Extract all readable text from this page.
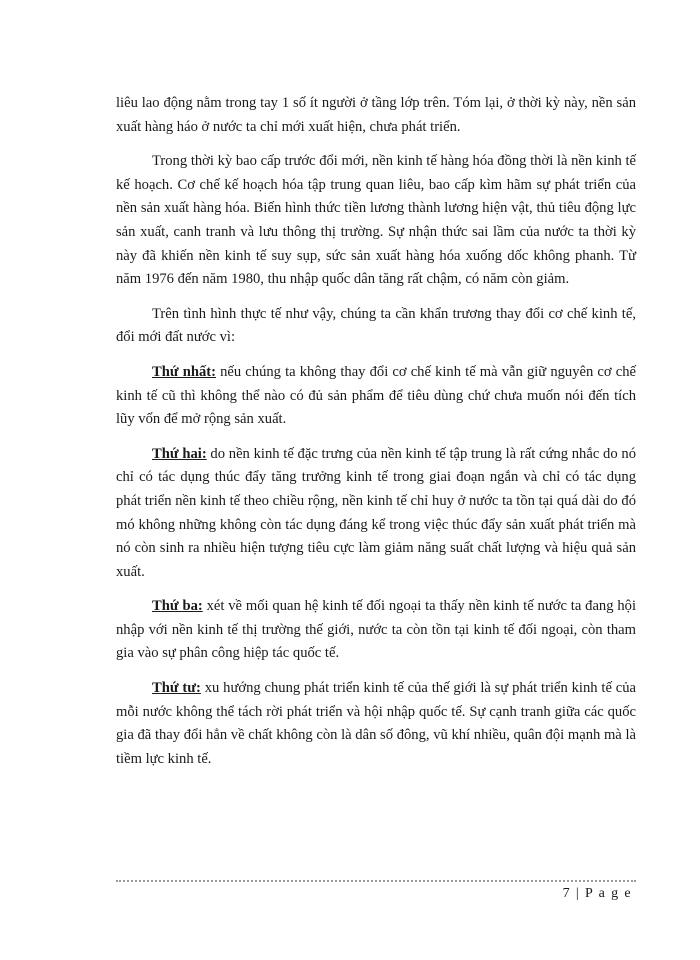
liêu lao động nằm trong tay 1 số ít người ở tầng lớp trên. Tóm lại, ở thời kỳ này, nền sản xuất hàng háo ở nước ta chỉ mới xuất hiện, chưa phát triển.

Trong thời kỳ bao cấp trước đổi mới, nền kinh tế hàng hóa đồng thời là nền kinh tế kế hoạch. Cơ chế kế hoạch hóa tập trung quan liêu, bao cấp kìm hãm sự phát triển của nền sản xuất hàng hóa. Biến hình thức tiền lương thành lương hiện vật, thủ tiêu động lực sản xuất, canh tranh và lưu thông thị trường. Sự nhận thức sai lầm của nước ta thời kỳ này đã khiến nền kinh tế suy sụp, sức sản xuất hàng hóa xuống dốc không phanh. Từ năm 1976 đến năm 1980, thu nhập quốc dân tăng rất chậm, có năm còn giảm.

Trên tình hình thực tế như vậy, chúng ta cần khẩn trương thay đổi cơ chế kinh tế, đổi mới đất nước vì:

Thứ nhất: nếu chúng ta không thay đổi cơ chế kinh tế mà vẫn giữ nguyên cơ chế kinh tế cũ thì không thể nào có đủ sản phẩm để tiêu dùng chứ chưa muốn nói đến tích lũy vốn để mở rộng sản xuất.

Thứ hai: do nền kinh tế đặc trưng của nền kinh tế tập trung là rất cứng nhắc do nó chỉ có tác dụng thúc đẩy tăng trưởng kinh tế trong giai đoạn ngắn và chỉ có tác dụng phát triển nền kinh tế theo chiều rộng, nền kinh tế chỉ huy ở nước ta tồn tại quá dài do đó mó không những không còn tác dụng đáng kể trong việc thúc đẩy sản xuất phát triển mà nó còn sinh ra nhiều hiện tượng tiêu cực làm giảm năng suất chất lượng và hiệu quả sản xuất.

Thứ ba: xét về mối quan hệ kinh tế đối ngoại ta thấy nền kinh tế nước ta đang hội nhập với nền kinh tế thị trường thế giới, nước ta còn tồn tại kinh tế đối ngoại, còn tham gia vào sự phân công hiệp tác quốc tế.

Thứ tư: xu hướng chung phát triển kinh tế của thế giới là sự phát triển kinh tế của mỗi nước không thể tách rời phát triển và hội nhập quốc tế. Sự cạnh tranh giữa các quốc gia đã thay đổi hẳn về chất không còn là dân số đông, vũ khí nhiều, quân đội mạnh mà là tiềm lực kinh tế.

7 | P a g e
